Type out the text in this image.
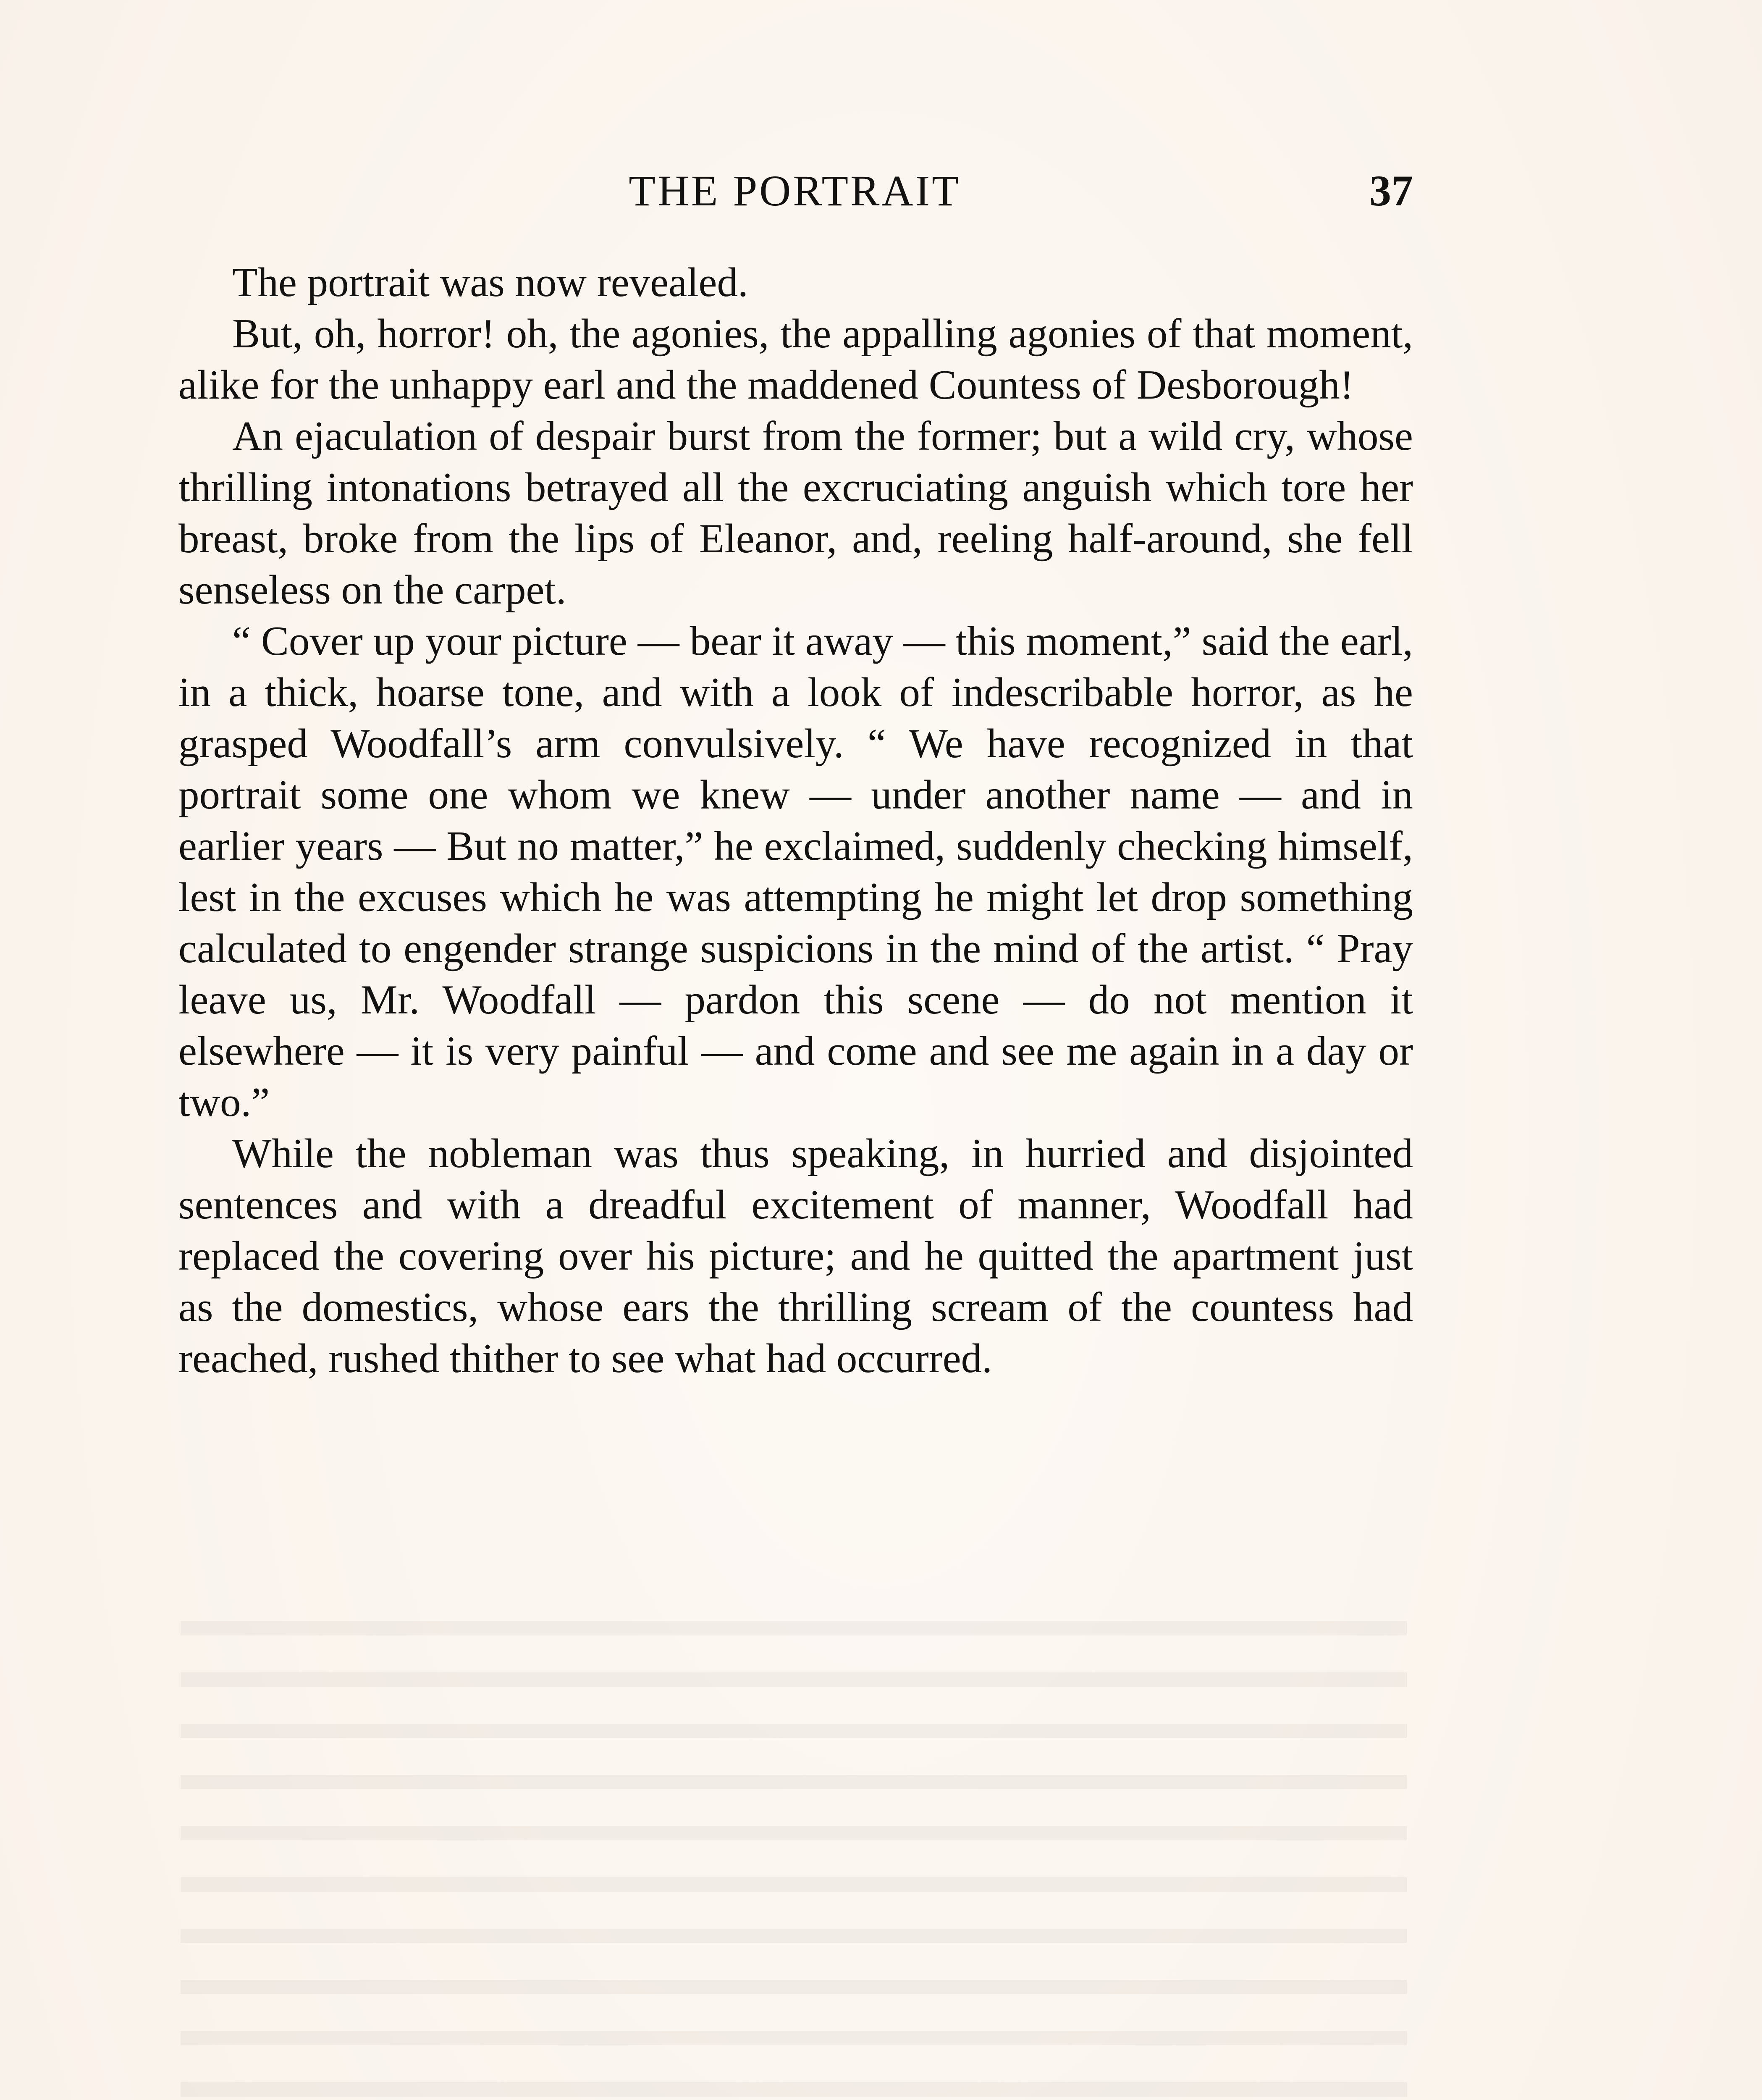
THE PORTRAIT	37

The portrait was now revealed.

But, oh, horror! oh, the agonies, the appalling agonies of that moment, alike for the unhappy earl and the maddened Countess of Desborough!

An ejaculation of despair burst from the former; but a wild cry, whose thrilling intonations betrayed all the excruciating anguish which tore her breast, broke from the lips of Eleanor, and, reeling half-around, she fell senseless on the carpet.

“ Cover up your picture — bear it away — this moment,” said the earl, in a thick, hoarse tone, and with a look of indescribable horror, as he grasped Woodfall’s arm convulsively. “ We have recognized in that portrait some one whom we knew — under another name — and in earlier years — But no matter,” he exclaimed, suddenly checking himself, lest in the excuses which he was attempting he might let drop something calculated to engender strange suspicions in the mind of the artist. “ Pray leave us, Mr. Woodfall — pardon this scene — do not mention it elsewhere — it is very painful — and come and see me again in a day or two.”

While the nobleman was thus speaking, in hurried and disjointed sentences and with a dreadful excitement of manner, Woodfall had replaced the covering over his picture; and he quitted the apartment just as the domestics, whose ears the thrilling scream of the countess had reached, rushed thither to see what had occurred.
